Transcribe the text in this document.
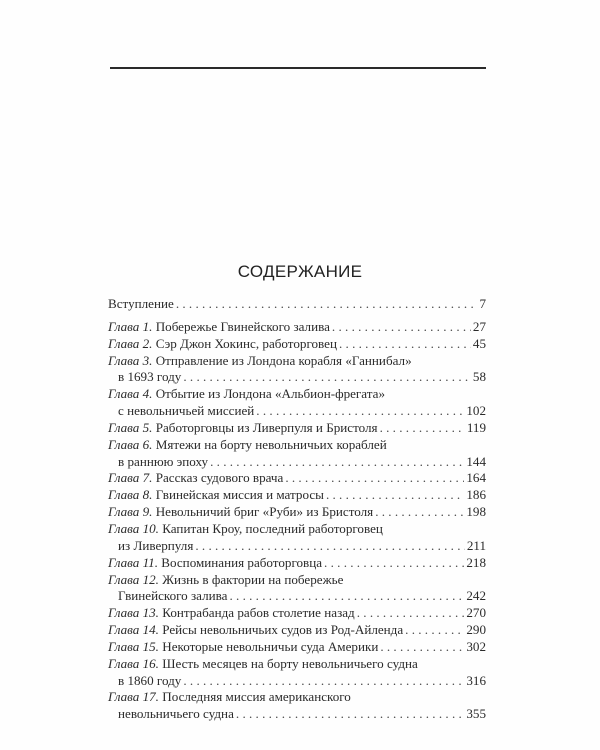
СОДЕРЖАНИЕ
Вступление . . .	7
Глава 1. Побережье Гвинейского залива . . .	27
Глава 2. Сэр Джон Хокинс, работорговец . . .	45
Глава 3. Отправление из Лондона корабля «Ганнибал»
в 1693 году . . .	58
Глава 4. Отбытие из Лондона «Альбион-фрегата»
с невольничьей миссией . . .	102
Глава 5. Работорговцы из Ливерпуля и Бристоля . . .	119
Глава 6. Мятежи на борту невольничьих кораблей
в раннюю эпоху . . .	144
Глава 7. Рассказ судового врача . . .	164
Глава 8. Гвинейская миссия и матросы . . .	186
Глава 9. Невольничий бриг «Руби» из Бристоля . . .	198
Глава 10. Капитан Кроу, последний работорговец
из Ливерпуля . . .	211
Глава 11. Воспоминания работорговца . . .	218
Глава 12. Жизнь в фактории на побережье
Гвинейского залива . . .	242
Глава 13. Контрабанда рабов столетие назад . . .	270
Глава 14. Рейсы невольничьих судов из Род-Айленда . . .	290
Глава 15. Некоторые невольничьи суда Америки . . .	302
Глава 16. Шесть месяцев на борту невольничьего судна
в 1860 году . . .	316
Глава 17. Последняя миссия американского
невольничьего судна . . .	355
